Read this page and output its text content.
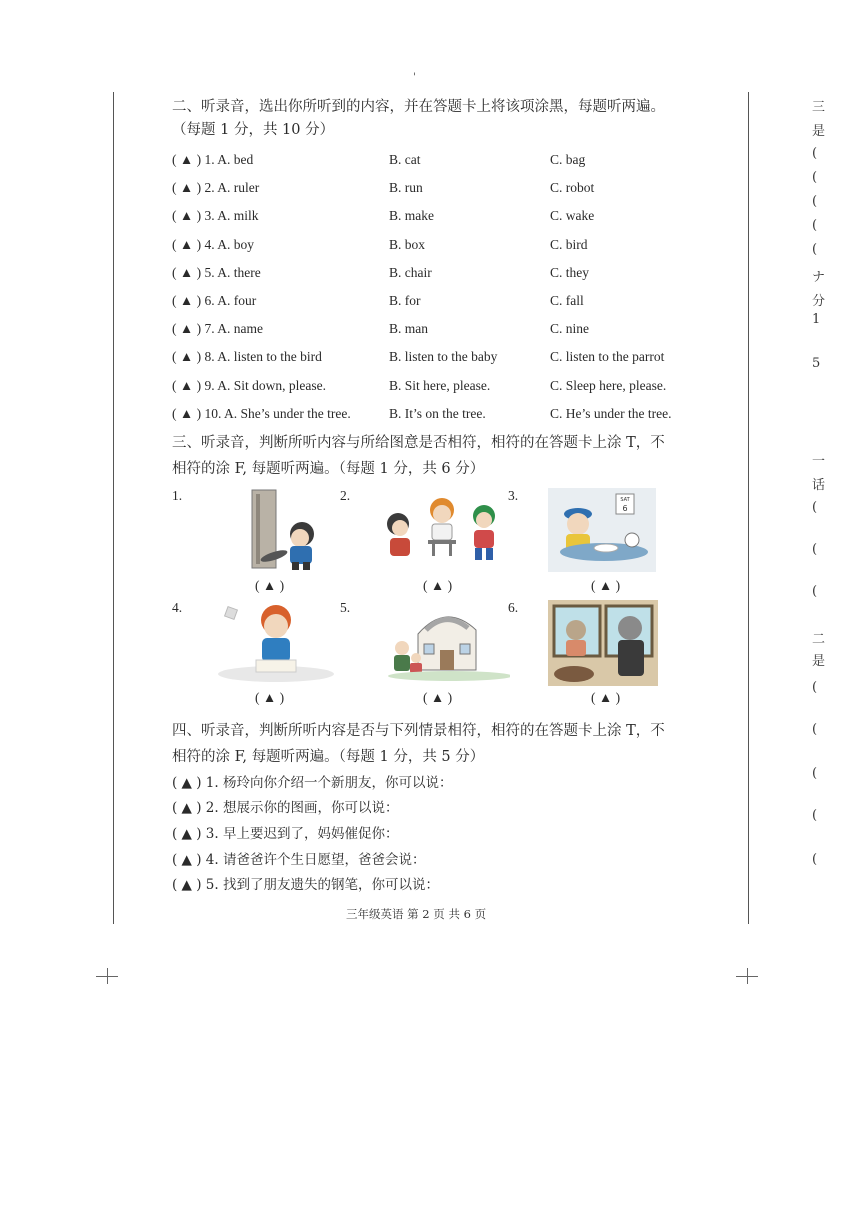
'

二、听录音，选出你所听到的内容，并在答题卡上将该项涂黑，每题听两遍。

（每题 1 分，共 10 分）

( ▲ ) 1. A. bed	B. cat	C. bag
( ▲ ) 2. A. ruler	B. run	C. robot
( ▲ ) 3. A. milk	B. make	C. wake
( ▲ ) 4. A. boy	B. box	C. bird
( ▲ ) 5. A. there	B. chair	C. they
( ▲ ) 6. A. four	B. for	C. fall
( ▲ ) 7. A. name	B. man	C. nine
( ▲ ) 8. A. listen to the bird	B. listen to the baby	C. listen to the parrot
( ▲ ) 9. A. Sit down, please.	B. Sit here, please.	C. Sleep here, please.
( ▲ ) 10. A. She’s under the tree.	B. It’s on the tree.	C. He’s under the tree.

三、听录音，判断所听内容与所给图意是否相符，相符的在答题卡上涂 T，不

相符的涂 F, 每题听两遍。（每题 1 分，共 6 分）

1.
( ▲ )
2.
( ▲ )
3.	SAT
6
( ▲ )
4.
( ▲ )
5.
( ▲ )
6.
( ▲ )

四、听录音，判断所听内容是否与下列情景相符，相符的在答题卡上涂 T，不

相符的涂 F, 每题听两遍。（每题 1 分，共 5 分）

( ▲ ) 1. 杨玲向你介绍一个新朋友，你可以说：
( ▲ ) 2. 想展示你的图画，你可以说：
( ▲ ) 3. 早上要迟到了，妈妈催促你：
( ▲ ) 4. 请爸爸许个生日愿望，爸爸会说：
( ▲ ) 5. 找到了朋友遗失的钢笔，你可以说：
三年级英语 第 2 页 共 6 页
三
是
(
(
(
(
(
ナ
分
1
5
一
话
(
(
(
二
是
(
(
(
(
(
